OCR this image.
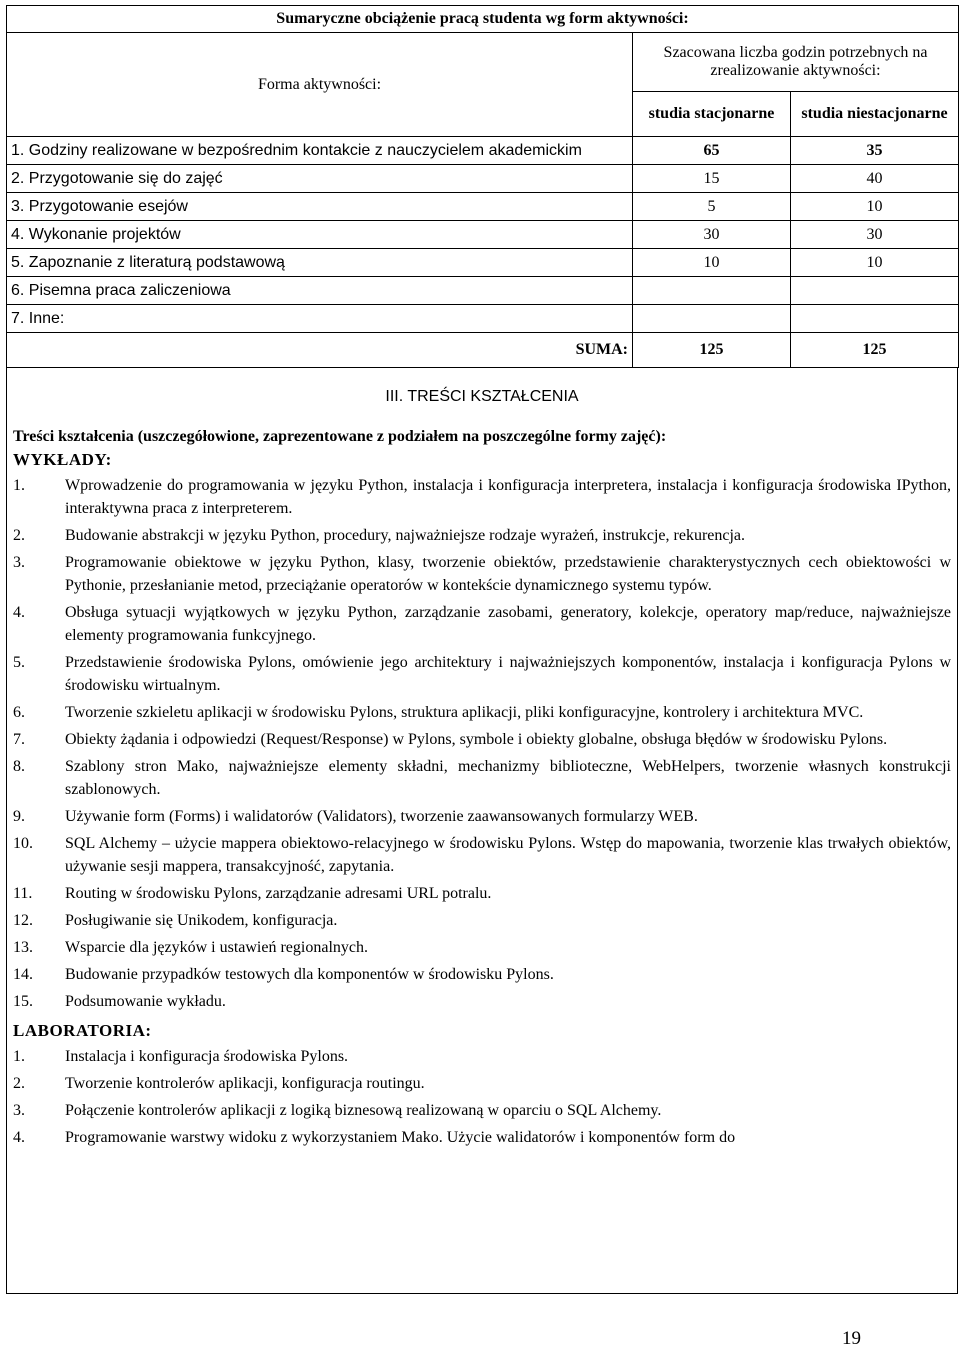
Sumaryczne obciążenie pracą studenta wg form aktywności:		
Forma aktywności:	Szacowana liczba godzin potrzebnych na zrealizowanie aktywności:	
	studia stacjonarne	studia niestacjonarne
1. Godziny realizowane w bezpośrednim kontakcie z nauczycielem akademickim	65	35
2. Przygotowanie się do zajęć	15	40
3. Przygotowanie esejów	5	10
4. Wykonanie projektów	30	30
5. Zapoznanie z literaturą podstawową	10	10
6. Pisemna praca zaliczeniowa		
7. Inne:		
SUMA:	125	125
III. TREŚCI KSZTAŁCENIA
Treści kształcenia (uszczegółowione, zaprezentowane z podziałem na poszczególne formy zajęć):
WYKŁADY:
1.	Wprowadzenie do programowania w języku Python, instalacja i konfiguracja interpretera, instalacja i konfiguracja środowiska IPython, interaktywna praca z interpreterem.
2.	Budowanie abstrakcji w języku Python, procedury, najważniejsze rodzaje wyrażeń, instrukcje, rekurencja.
3.	Programowanie obiektowe w języku Python, klasy, tworzenie obiektów, przedstawienie charakterystycznych cech obiektowości w Pythonie, przesłanianie metod, przeciążanie operatorów w kontekście dynamicznego systemu typów.
4.	Obsługa sytuacji wyjątkowych w języku Python, zarządzanie zasobami, generatory, kolekcje, operatory map/reduce, najważniejsze elementy programowania funkcyjnego.
5.	Przedstawienie środowiska Pylons, omówienie jego architektury i najważniejszych komponentów, instalacja i konfiguracja Pylons w środowisku wirtualnym.
6.	Tworzenie szkieletu aplikacji w środowisku Pylons, struktura aplikacji, pliki konfiguracyjne, kontrolery i architektura MVC.
7.	Obiekty żądania i odpowiedzi (Request/Response) w Pylons, symbole i obiekty globalne, obsługa błędów w środowisku Pylons.
8.	Szablony stron Mako, najważniejsze elementy składni, mechanizmy biblioteczne, WebHelpers, tworzenie własnych konstrukcji szablonowych.
9.	Używanie form (Forms) i walidatorów (Validators), tworzenie zaawansowanych formularzy WEB.
10.	SQL Alchemy – użycie mappera obiektowo-relacyjnego w środowisku Pylons. Wstęp do mapowania, tworzenie klas trwałych obiektów, używanie sesji mappera, transakcyjność, zapytania.
11.	Routing w środowisku Pylons, zarządzanie adresami URL potralu.
12.	Posługiwanie się Unikodem, konfiguracja.
13.	Wsparcie dla języków i ustawień regionalnych.
14.	Budowanie przypadków testowych dla komponentów w środowisku Pylons.
15.	Podsumowanie wykładu.
LABORATORIA:
1.	Instalacja i konfiguracja środowiska Pylons.
2.	Tworzenie kontrolerów aplikacji, konfiguracja routingu.
3.	Połączenie kontrolerów aplikacji z logiką biznesową realizowaną w oparciu o SQL Alchemy.
4.	Programowanie warstwy widoku z wykorzystaniem Mako. Użycie walidatorów i komponentów form do
19
